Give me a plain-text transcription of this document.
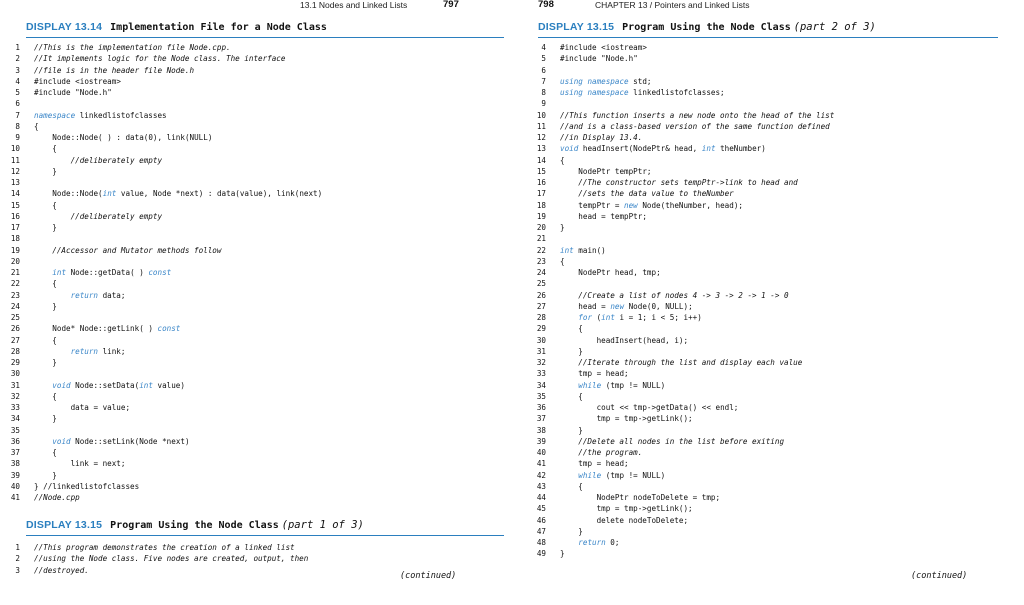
13.1 Nodes and Linked Lists	797
DISPLAY 13.14 Implementation File for a Node Class
1	//This is the implementation file Node.cpp.
2	//It implements logic for the Node class. The interface
3	//file is in the header file Node.h
4	#include <iostream>
5	#include "Node.h"
6
7	namespace linkedlistofclasses
8	{
9	Node::Node( ) : data(0), link(NULL)
10	{
11	//deliberately empty
12	}
13
14	Node::Node(int value, Node *next) : data(value), link(next)
15	{
16	//deliberately empty
17	}
18
19	//Accessor and Mutator methods follow
20
21	int Node::getData( ) const
22	{
23	return data;
24	}
25
26	Node* Node::getLink( ) const
27	{
28	return link;
29	}
30
31	void Node::setData(int value)
32	{
33	data = value;
34	}
35
36	void Node::setLink(Node *next)
37	{
38	link = next;
39	}
40	} //linkedlistofclasses
41	//Node.cpp
DISPLAY 13.15 Program Using the Node Class (part 1 of 3)
1	//This program demonstrates the creation of a linked list
2	//using the Node class. Five nodes are created, output, then
3	//destroyed.
(continued)
798	CHAPTER 13 / Pointers and Linked Lists
DISPLAY 13.15 Program Using the Node Class (part 2 of 3)
4	#include <iostream>
5	#include "Node.h"
6
7	using namespace std;
8	using namespace linkedlistofclasses;
9
10	//This function inserts a new node onto the head of the list
11	//and is a class-based version of the same function defined
12	//in Display 13.4.
13	void headInsert(NodePtr& head, int theNumber)
14	{
15	NodePtr tempPtr;
16	//The constructor sets tempPtr->link to head and
17	//sets the data value to theNumber
18	tempPtr = new Node(theNumber, head);
19	head = tempPtr;
20	}
21
22	int main()
23	{
24	NodePtr head, tmp;
25
26	//Create a list of nodes 4 -> 3 -> 2 -> 1 -> 0
27	head = new Node(0, NULL);
28	for (int i = 1; i < 5; i++)
29	{
30	headInsert(head, i);
31	}
32	//Iterate through the list and display each value
33	tmp = head;
34	while (tmp != NULL)
35	{
36	cout << tmp->getData() << endl;
37	tmp = tmp->getLink();
38	}
39	//Delete all nodes in the list before exiting
40	//the program.
41	tmp = head;
42	while (tmp != NULL)
43	{
44	NodePtr nodeToDelete = tmp;
45	tmp = tmp->getLink();
46	delete nodeToDelete;
47	}
48	return 0;
49	}
(continued)
